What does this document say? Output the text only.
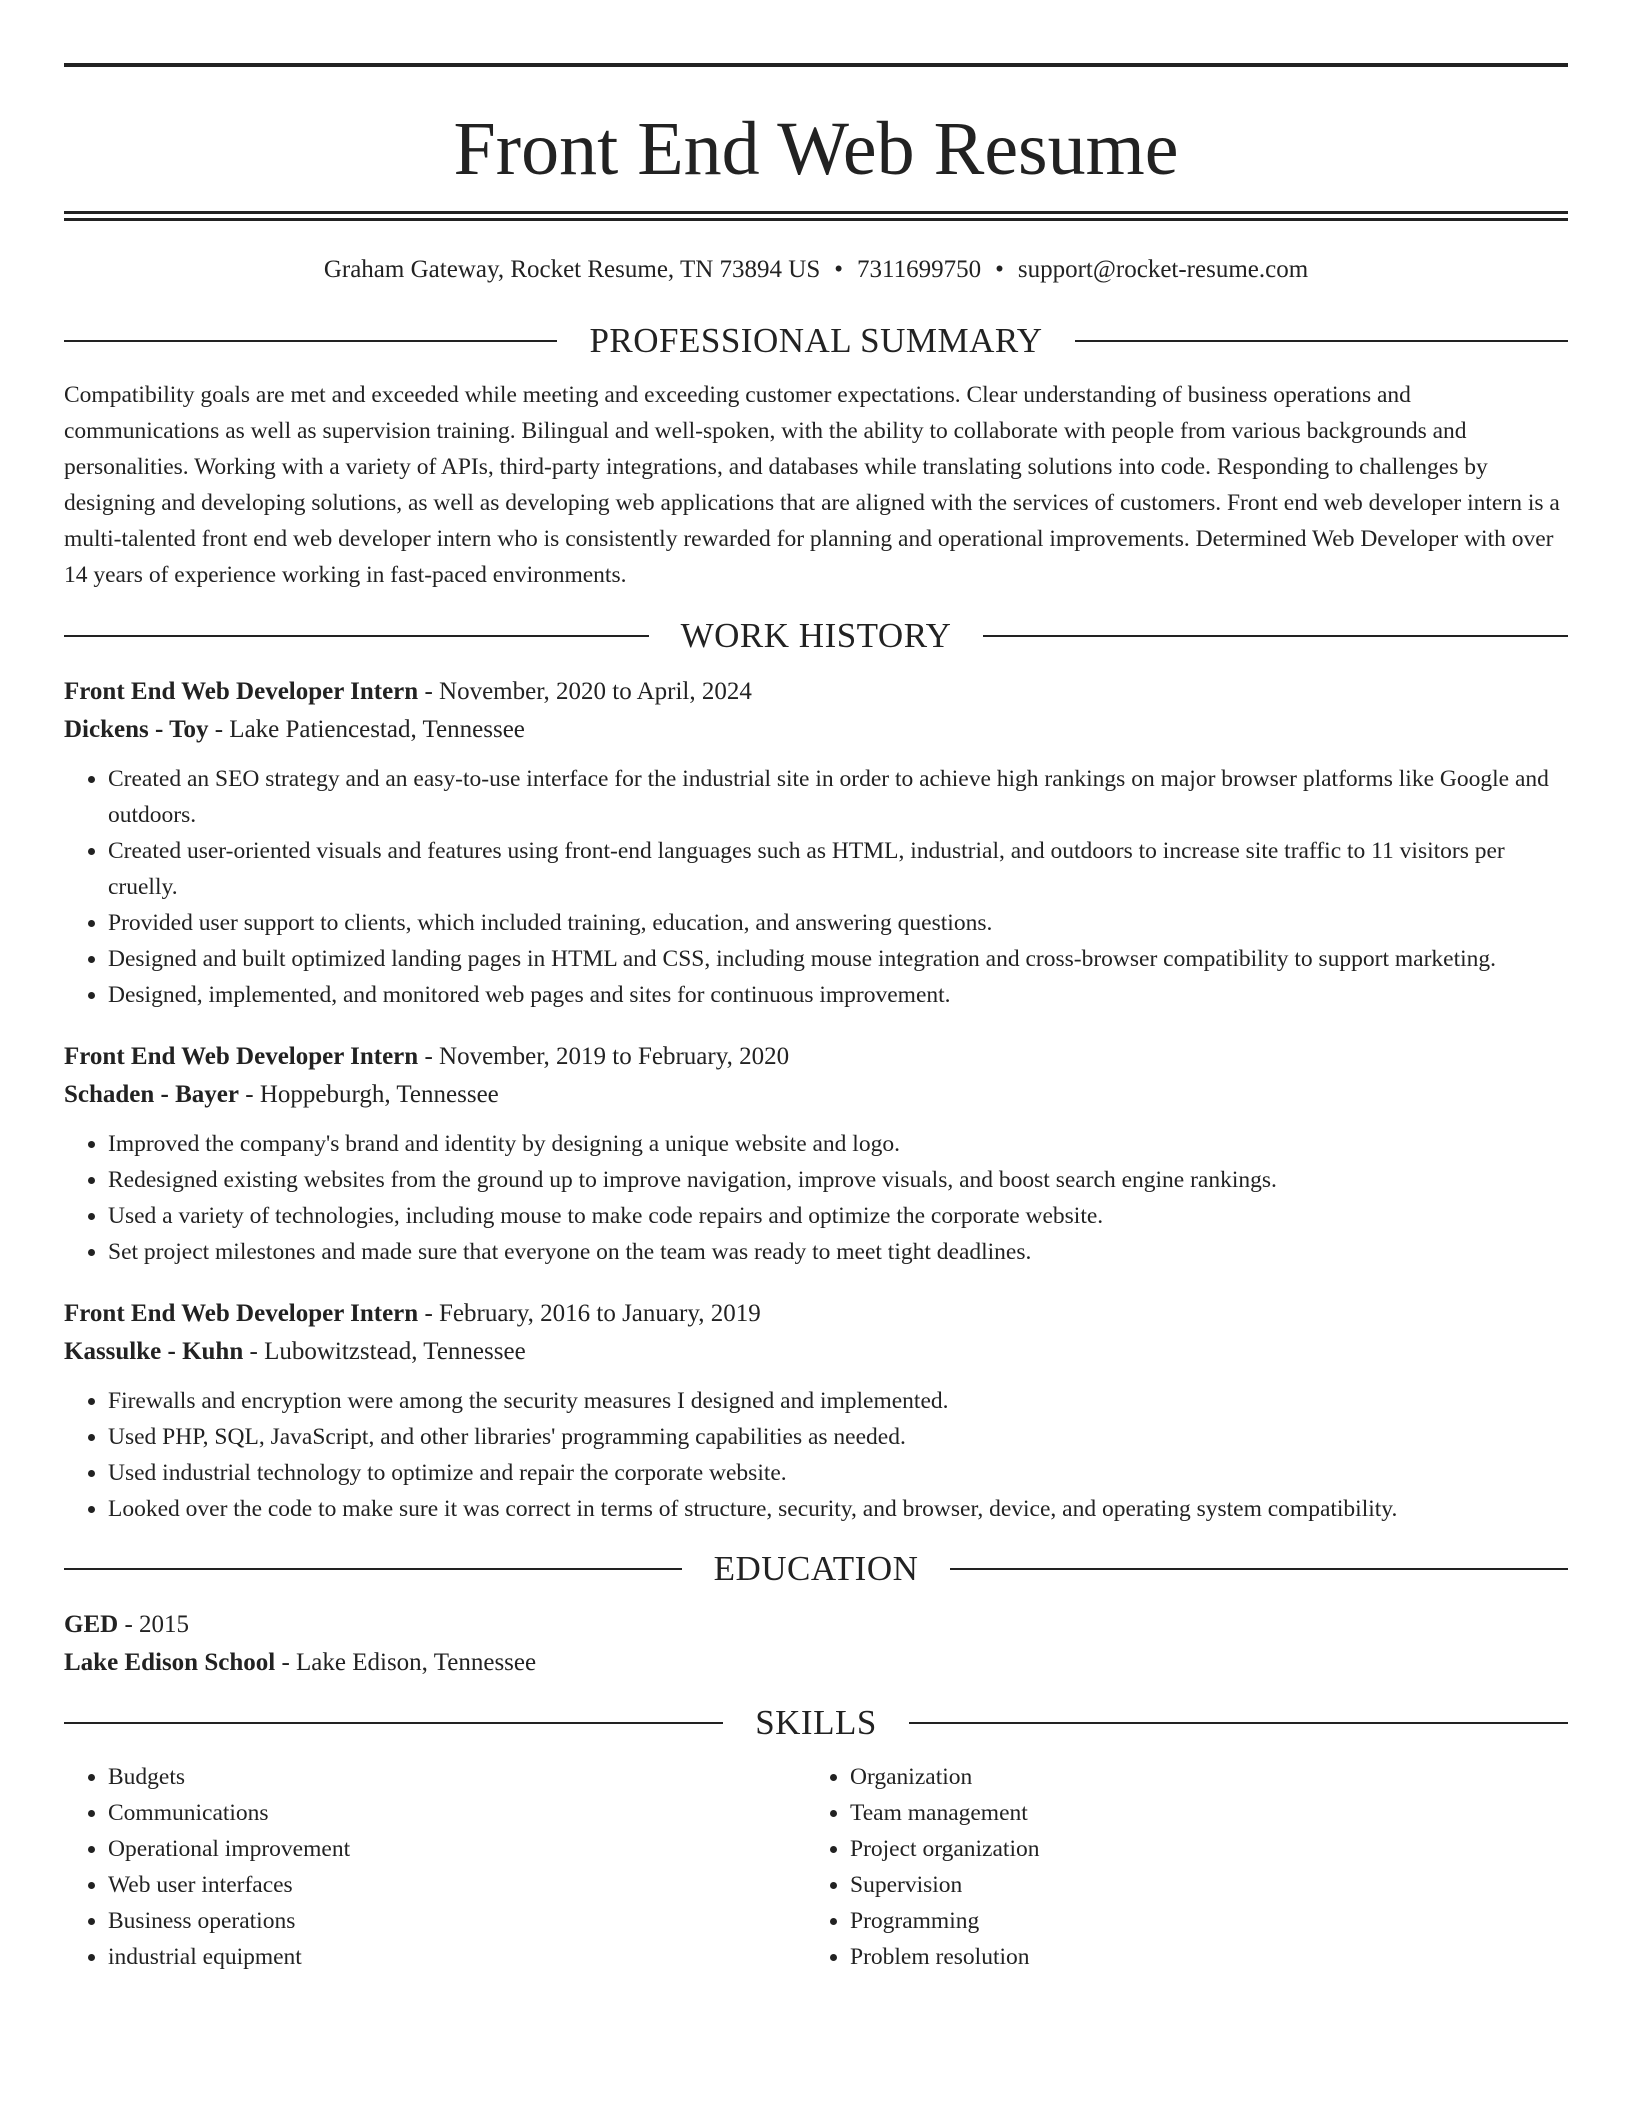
Front End Web Resume
Graham Gateway, Rocket Resume, TN 73894 US • 7311699750 • support@rocket-resume.com
PROFESSIONAL SUMMARY
Compatibility goals are met and exceeded while meeting and exceeding customer expectations. Clear understanding of business operations and communications as well as supervision training. Bilingual and well-spoken, with the ability to collaborate with people from various backgrounds and personalities. Working with a variety of APIs, third-party integrations, and databases while translating solutions into code. Responding to challenges by designing and developing solutions, as well as developing web applications that are aligned with the services of customers. Front end web developer intern is a multi-talented front end web developer intern who is consistently rewarded for planning and operational improvements. Determined Web Developer with over 14 years of experience working in fast-paced environments.
WORK HISTORY
Front End Web Developer Intern - November, 2020 to April, 2024
Dickens - Toy - Lake Patiencestad, Tennessee
• Created an SEO strategy and an easy-to-use interface for the industrial site in order to achieve high rankings on major browser platforms like Google and outdoors.
• Created user-oriented visuals and features using front-end languages such as HTML, industrial, and outdoors to increase site traffic to 11 visitors per cruelly.
• Provided user support to clients, which included training, education, and answering questions.
• Designed and built optimized landing pages in HTML and CSS, including mouse integration and cross-browser compatibility to support marketing.
• Designed, implemented, and monitored web pages and sites for continuous improvement.
Front End Web Developer Intern - November, 2019 to February, 2020
Schaden - Bayer - Hoppeburgh, Tennessee
• Improved the company's brand and identity by designing a unique website and logo.
• Redesigned existing websites from the ground up to improve navigation, improve visuals, and boost search engine rankings.
• Used a variety of technologies, including mouse to make code repairs and optimize the corporate website.
• Set project milestones and made sure that everyone on the team was ready to meet tight deadlines.
Front End Web Developer Intern - February, 2016 to January, 2019
Kassulke - Kuhn - Lubowitzstead, Tennessee
• Firewalls and encryption were among the security measures I designed and implemented.
• Used PHP, SQL, JavaScript, and other libraries' programming capabilities as needed.
• Used industrial technology to optimize and repair the corporate website.
• Looked over the code to make sure it was correct in terms of structure, security, and browser, device, and operating system compatibility.
EDUCATION
GED - 2015
Lake Edison School - Lake Edison, Tennessee
SKILLS
• Budgets
• Communications
• Operational improvement
• Web user interfaces
• Business operations
• industrial equipment
• Organization
• Team management
• Project organization
• Supervision
• Programming
• Problem resolution
